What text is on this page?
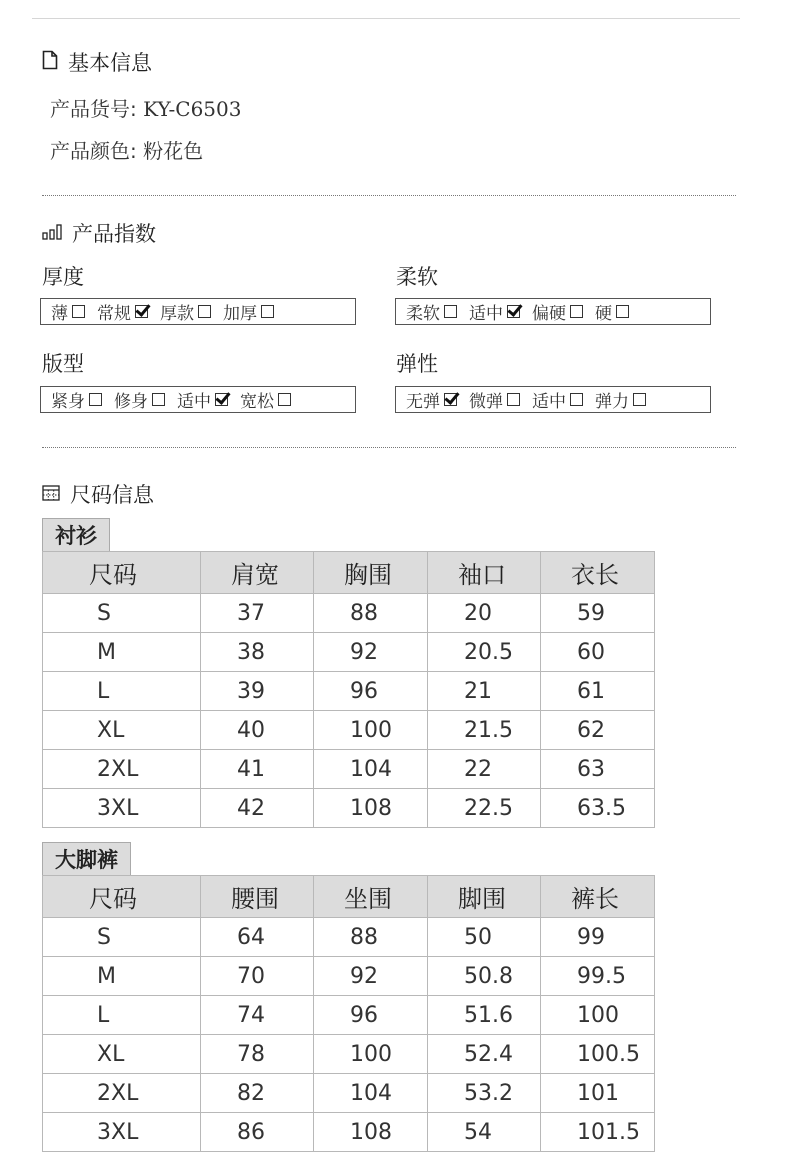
基本信息
产品货号: KY-C6503
产品颜色: 粉花色
产品指数
厚度
薄 常规 厚款 加厚
柔软
柔软 适中 偏硬 硬
版型
紧身 修身 适中 宽松
弹性
无弹 微弹 适中 弹力
尺码信息
衬衫
尺码	肩宽	胸围	袖口	衣长
S	37	88	20	59
M	38	92	20.5	60
L	39	96	21	61
XL	40	100	21.5	62
2XL	41	104	22	63
3XL	42	108	22.5	63.5
大脚裤
尺码	腰围	坐围	脚围	裤长
S	64	88	50	99
M	70	92	50.8	99.5
L	74	96	51.6	100
XL	78	100	52.4	100.5
2XL	82	104	53.2	101
3XL	86	108	54	101.5
